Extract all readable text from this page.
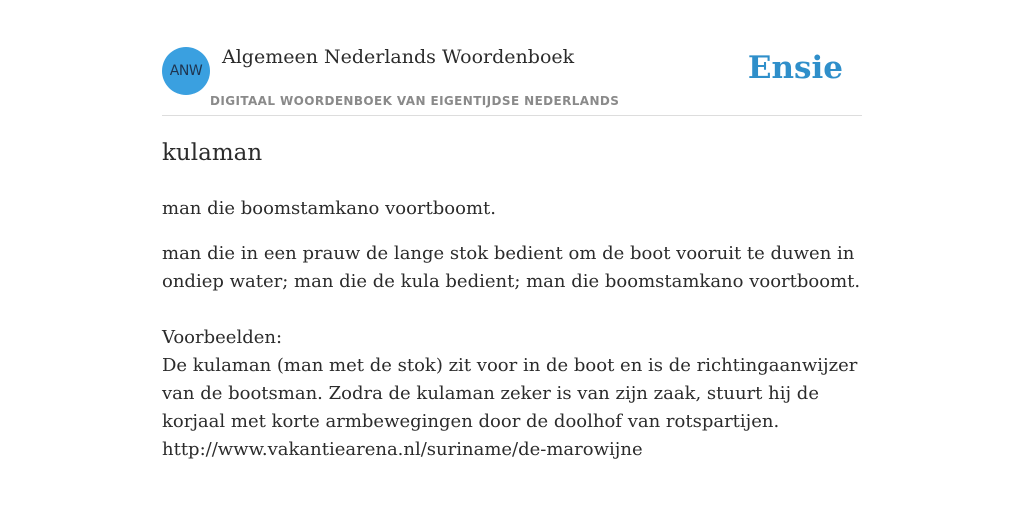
ANW
Algemeen Nederlands Woordenboek
DIGITAAL WOORDENBOEK VAN EIGENTIJDSE NEDERLANDS
Ensie
kulaman
man die boomstamkano voortboomt.
man die in een prauw de lange stok bedient om de boot vooruit te duwen in ondiep water; man die de kula bedient; man die boomstamkano voortboomt.
Voorbeelden:
De kulaman (man met de stok) zit voor in de boot en is de richtingaanwijzer van de bootsman. Zodra de kulaman zeker is van zijn zaak, stuurt hij de korjaal met korte armbewegingen door de doolhof van rotspartijen.
http://www.vakantiearena.nl/suriname/de-marowijne
